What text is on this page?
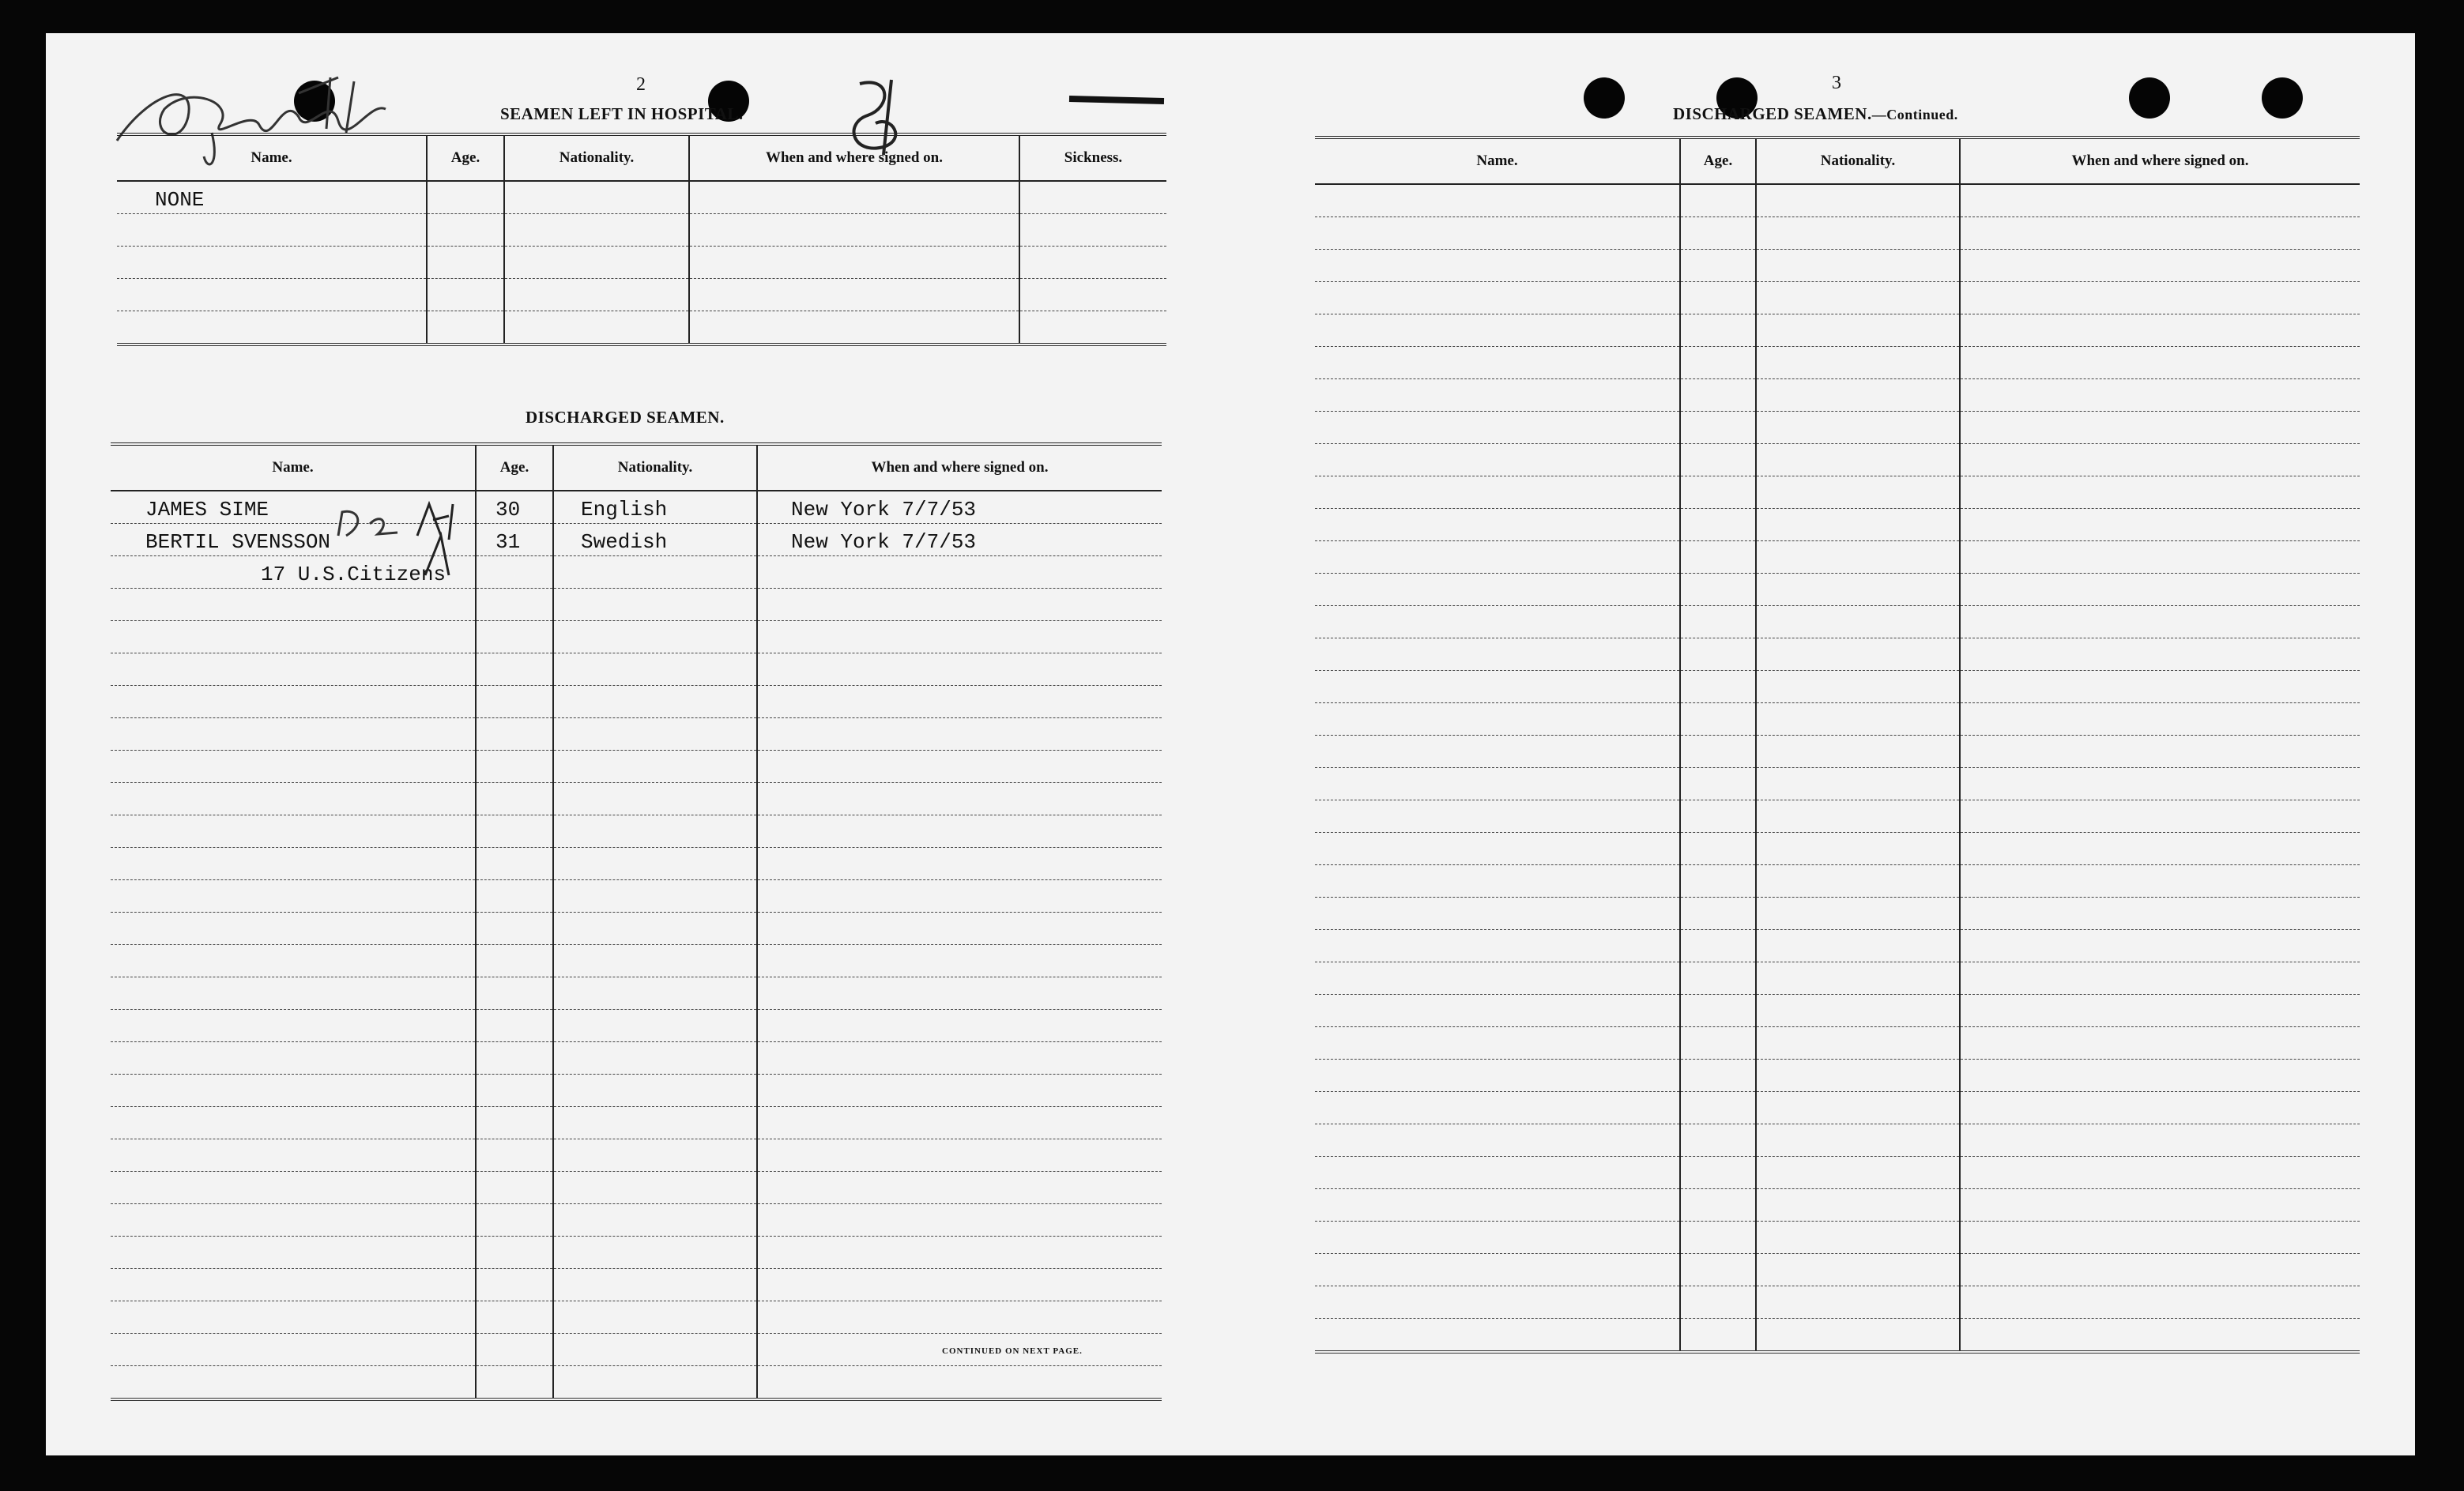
2
SEAMEN LEFT IN HOSPITAL.
Name.	Age.	Nationality.	When and where signed on.	Sickness.
NONE				

DISCHARGED SEAMEN.
Name.	Age.	Nationality.	When and where signed on.
JAMES SIME	30	English	New York 7/7/53
BERTIL SVENSSON	31	Swedish	New York 7/7/53
17 U.S.Citizens			

CONTINUED ON NEXT PAGE.
3
DISCHARGED SEAMEN.—Continued.
Name.	Age.	Nationality.	When and where signed on.
